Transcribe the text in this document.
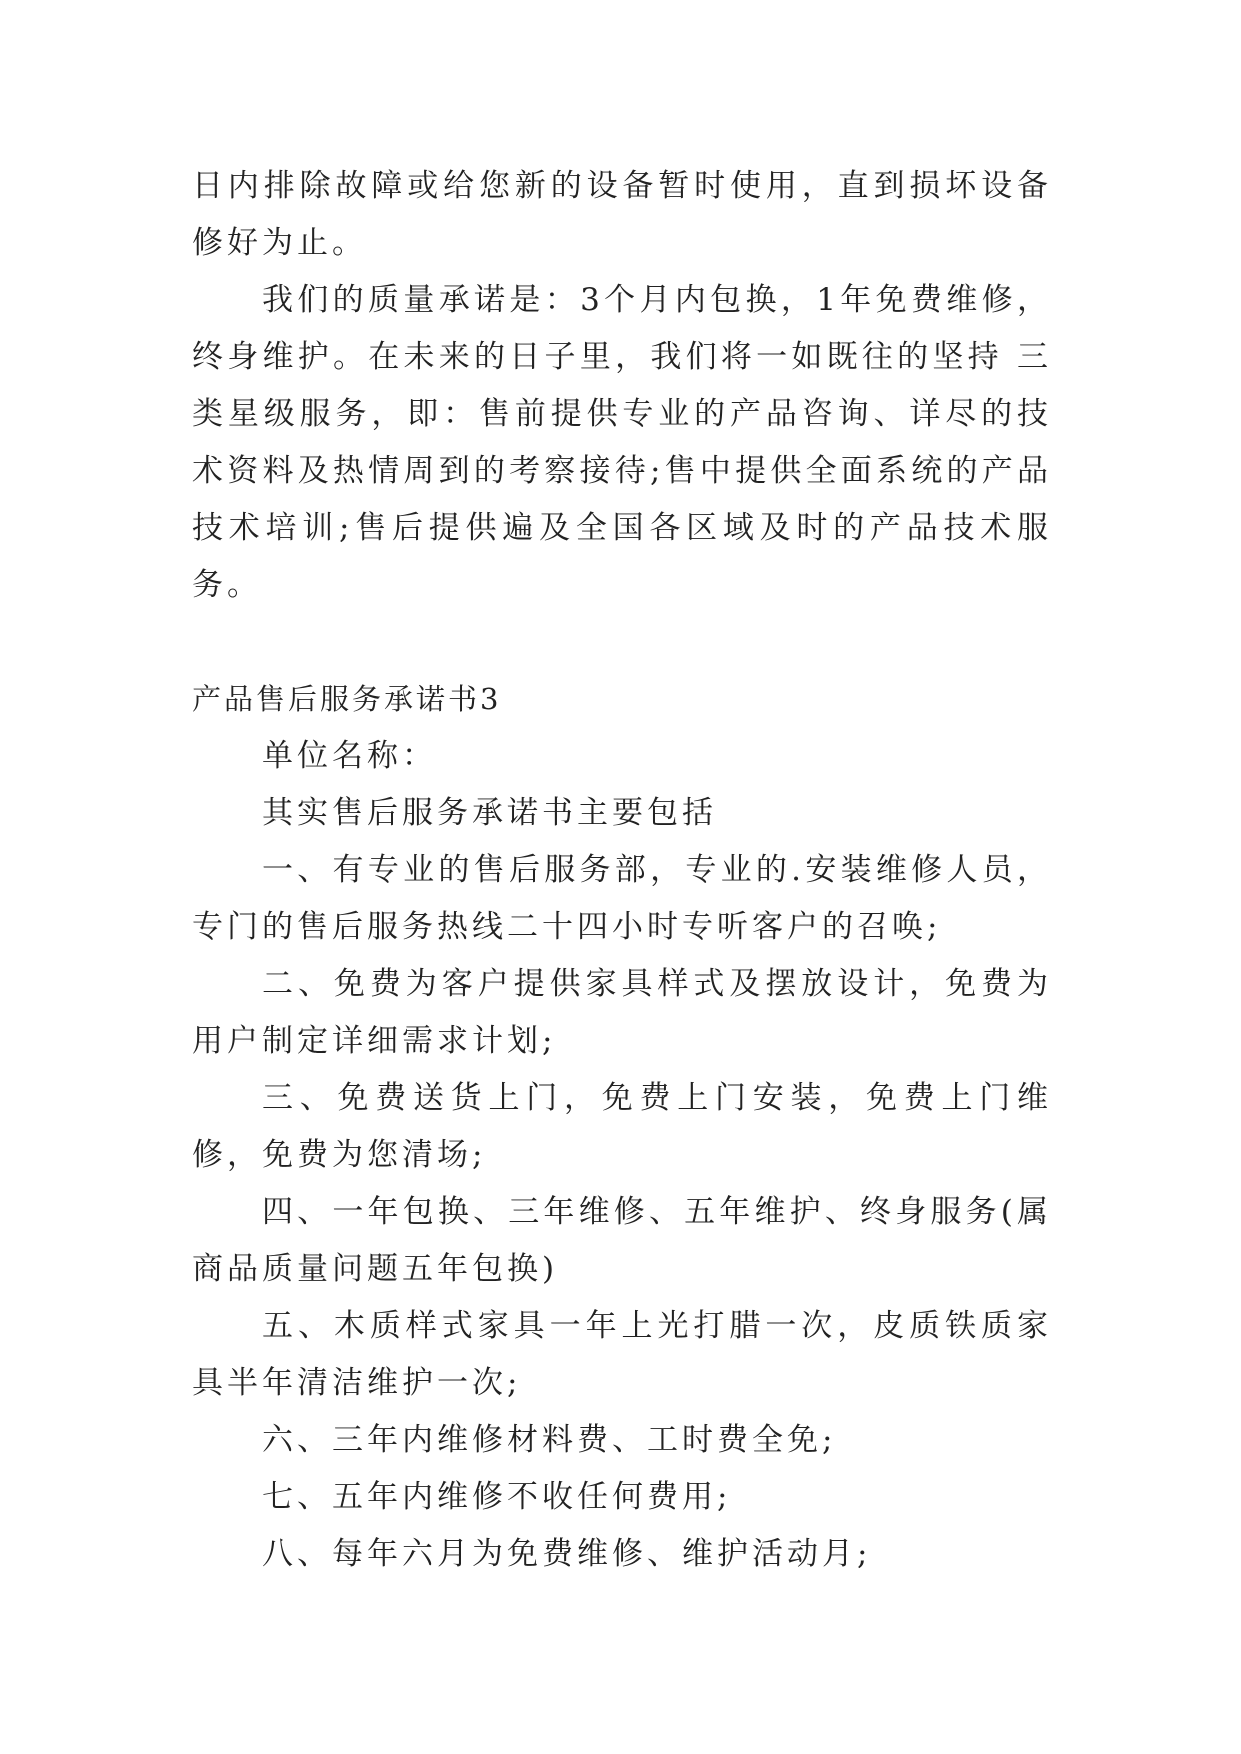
日内排除故障或给您新的设备暂时使用，直到损坏设备修好为止。

我们的质量承诺是：3个月内包换，1年免费维修，终身维护。在未来的日子里，我们将一如既往的坚持 三类星级服务，即：售前提供专业的产品咨询、详尽的技术资料及热情周到的考察接待;售中提供全面系统的产品技术培训;售后提供遍及全国各区域及时的产品技术服务。

产品售后服务承诺书3

单位名称：

其实售后服务承诺书主要包括

一、有专业的售后服务部，专业的.安装维修人员，专门的售后服务热线二十四小时专听客户的召唤;

二、免费为客户提供家具样式及摆放设计，免费为用户制定详细需求计划;

三、免费送货上门，免费上门安装，免费上门维修，免费为您清场;

四、一年包换、三年维修、五年维护、终身服务(属商品质量问题五年包换)

五、木质样式家具一年上光打腊一次，皮质铁质家具半年清洁维护一次;

六、三年内维修材料费、工时费全免;

七、五年内维修不收任何费用;

八、每年六月为免费维修、维护活动月;
